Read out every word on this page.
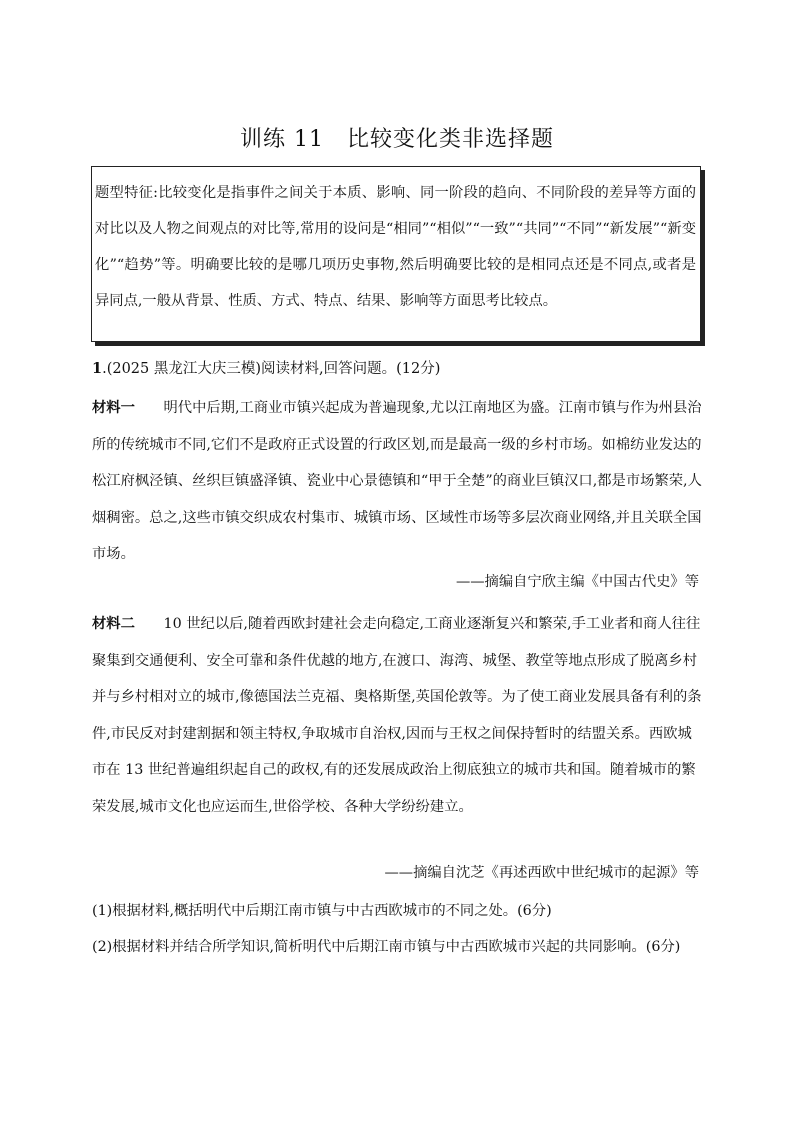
训练 11　比较变化类非选择题

题型特征:比较变化是指事件之间关于本质、影响、同一阶段的趋向、不同阶段的差异等方面的对比以及人物之间观点的对比等,常用的设问是“相同”“相似”“一致”“共同”“不同”“新发展”“新变化”“趋势”等。明确要比较的是哪几项历史事物,然后明确要比较的是相同点还是不同点,或者是异同点,一般从背景、性质、方式、特点、结果、影响等方面思考比较点。

1.(2025 黑龙江大庆三模)阅读材料,回答问题。(12分)

材料一　　 明代中后期,工商业市镇兴起成为普遍现象,尤以江南地区为盛。江南市镇与作为州县治所的传统城市不同,它们不是政府正式设置的行政区划,而是最高一级的乡村市场。如棉纺业发达的松江府枫泾镇、丝织巨镇盛泽镇、瓷业中心景德镇和“甲于全楚”的商业巨镇汉口,都是市场繁荣,人烟稠密。总之,这些市镇交织成农村集市、城镇市场、区域性市场等多层次商业网络,并且关联全国市场。

——摘编自宁欣主编《中国古代史》等

材料二　　 10 世纪以后,随着西欧封建社会走向稳定,工商业逐渐复兴和繁荣,手工业者和商人往往聚集到交通便利、安全可靠和条件优越的地方,在渡口、海湾、城堡、教堂等地点形成了脱离乡村并与乡村相对立的城市,像德国法兰克福、奥格斯堡,英国伦敦等。为了使工商业发展具备有利的条件,市民反对封建割据和领主特权,争取城市自治权,因而与王权之间保持暂时的结盟关系。西欧城市在 13 世纪普遍组织起自己的政权,有的还发展成政治上彻底独立的城市共和国。随着城市的繁荣发展,城市文化也应运而生,世俗学校、各种大学纷纷建立。

——摘编自沈芝《再述西欧中世纪城市的起源》等
(1)根据材料,概括明代中后期江南市镇与中古西欧城市的不同之处。(6分)

(2)根据材料并结合所学知识,简析明代中后期江南市镇与中古西欧城市兴起的共同影响。(6分)
